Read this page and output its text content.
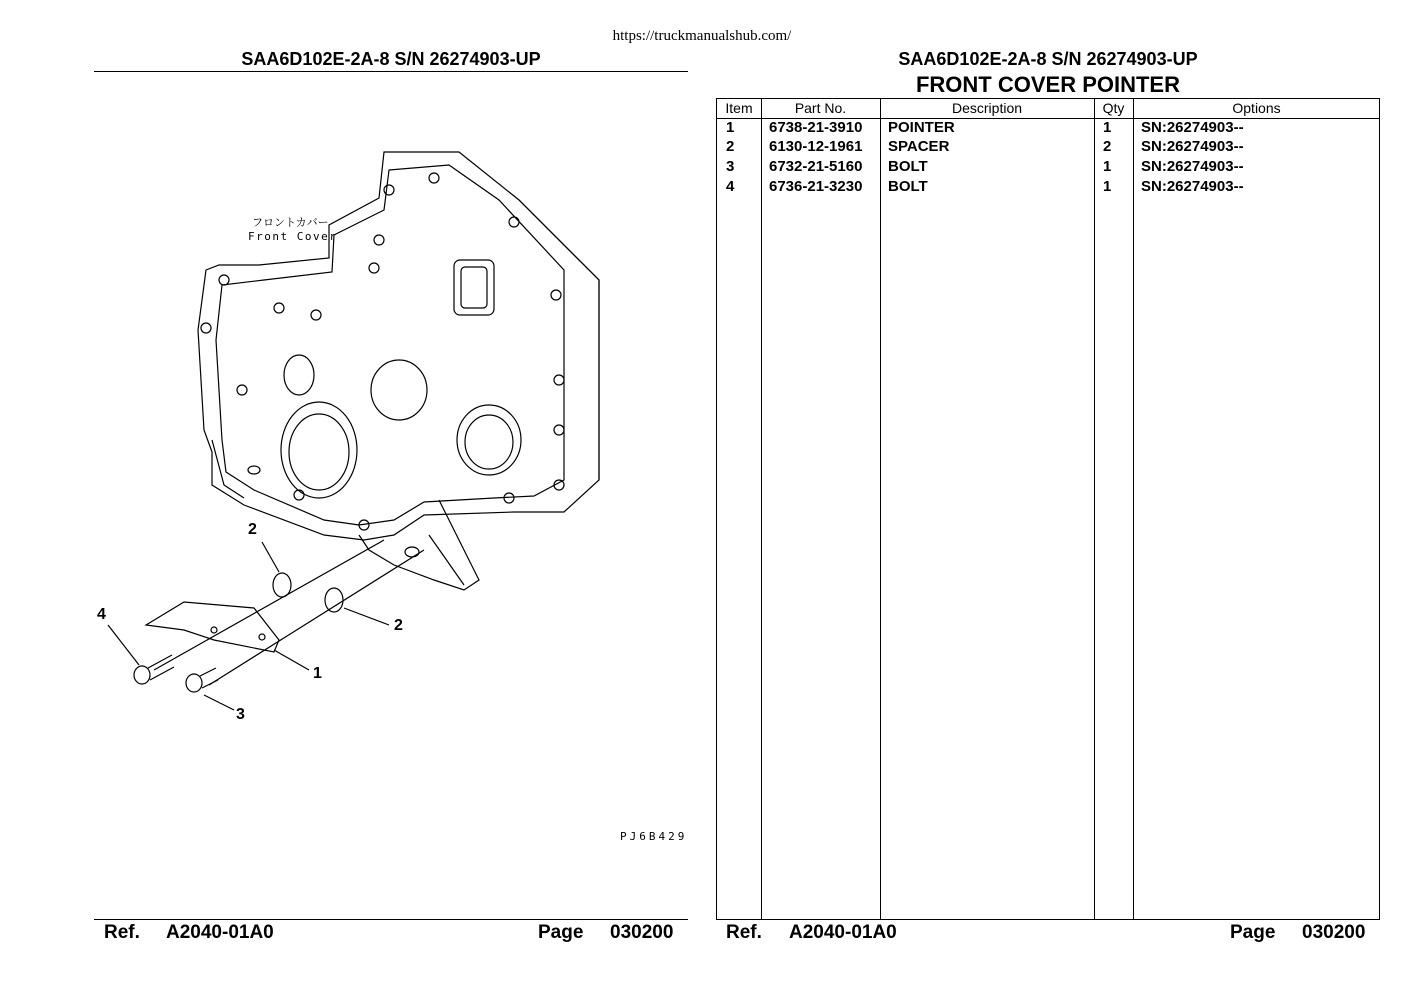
https://truckmanualshub.com/
SAA6D102E-2A-8 S/N 26274903-UP
フロントカバー
Front Cover
2
4
2
1
3
PJ6B429
Ref. A2040-01A0	Page 030200
SAA6D102E-2A-8 S/N 26274903-UP
FRONT COVER POINTER
Item	Part No.	Description	Qty	Options
1 6738-21-3910 POINTER	1 SN:26274903--
2 6130-12-1961 SPACER	2 SN:26274903--
3 6732-21-5160 BOLT	1 SN:26274903--
4 6736-21-3230 BOLT	1 SN:26274903--
Ref. A2040-01A0	Page 030200
